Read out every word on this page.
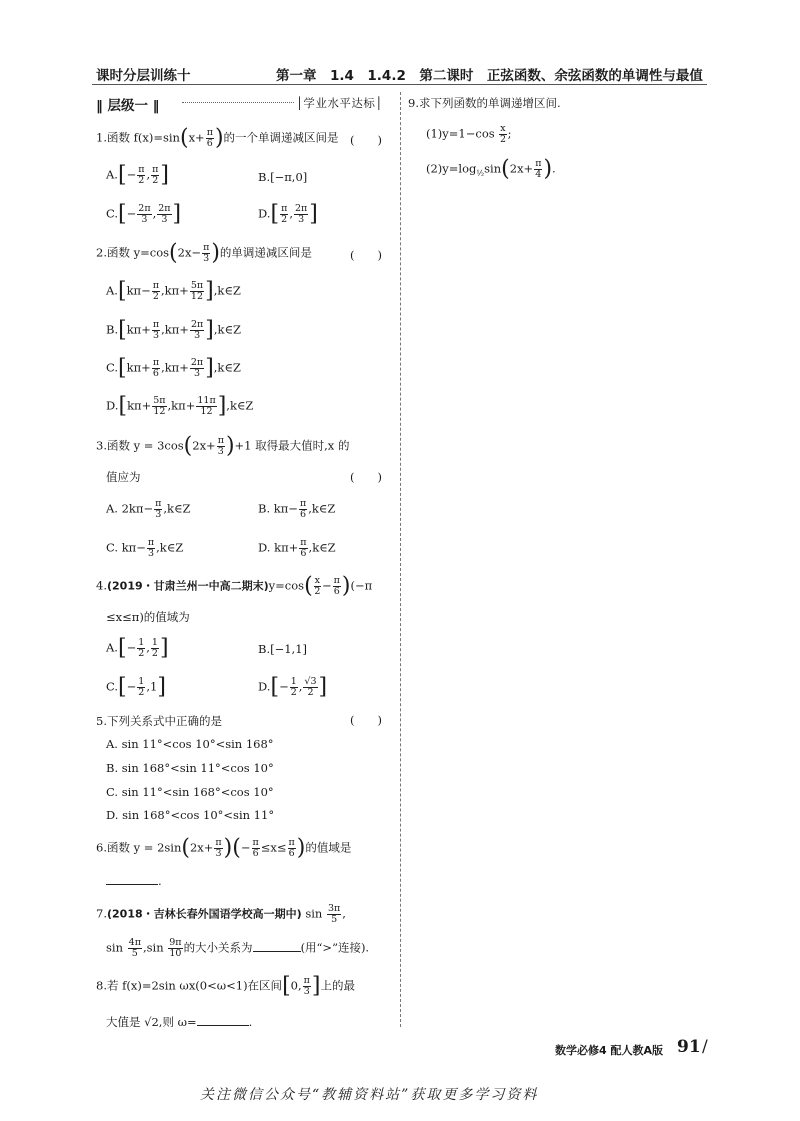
课时分层训练十	第一章　1.4　1.4.2　第二课时　正弦函数、余弦函数的单调性与最值
‖ 层级一 ‖	│学业水平达标│
1.函数 $f(x)=\sin(x+ \frac{\pi}{6}$ )的一个单调递减区间是 (　　)
$A.[- \frac{\pi}{2}$ , $\frac{\pi}{2}$ ]	B.[−π,0]
$C.[- \frac{2\pi}{3}$ , $\frac{2\pi}{3}$ ]	$D.[ \frac{\pi}{2}$ , $\frac{2\pi}{3}$ ]
2.函数 $y=\cos(2x- \frac{\pi}{3}$ )的单调递减区间是	(　　)
$A.[k\pi- \frac{\pi}{2} ,k\pi+ \frac{5\pi}{12}$ ],k∈Z
$B.[k\pi+ \frac{\pi}{3} ,k\pi+ \frac{2\pi}{3}$ ],k∈Z
$C.[k\pi+ \frac{\pi}{6} ,k\pi+ \frac{2\pi}{3}$ ],k∈Z
$D.[k\pi+ \frac{5\pi}{12} ,k\pi+ \frac{11\pi}{12}$ ],k∈Z
3.函数 $y = 3\cos(2x+ \frac{\pi}{3} )+1$ 取得最大值时,x 的
值应为	(　　)
A. $2k\pi- \frac{\pi}{3}$ ,k∈Z	B. $k\pi- \frac{\pi}{6}$ ,k∈Z
C. $k\pi- \frac{\pi}{3}$ ,k∈Z	D. $k\pi+ \frac{\pi}{6}$ ,k∈Z
4.(2019・甘肃兰州一中高二期末)$y=\cos( \frac{x}{2} - \frac{\pi}{6} )(-\pi$
≤x≤π)的值域为
$A.[- \frac{1}{2}$ , $\frac{1}{2}$ ]	B.[−1,1]
$C.[- \frac{1}{2} ,1]$	$D.[- \frac{1}{2}$ , $\frac{√3}{2}$ ]
5.下列关系式中正确的是	(　　)
A. sin 11°<cos 10°<sin 168°
B. sin 168°<sin 11°<cos 10°
C. sin 11°<sin 168°<cos 10°
D. sin 168°<cos 10°<sin 11°
6.函数 $y = 2\sin(2x+ \frac{\pi}{3}$ )(− $\frac{\pi}{6} \le x\le \frac{\pi}{6}$ )的值域是
.
7.(2018・吉林长春外国语学校高一期中) $\sin \frac{3\pi}{5}$ ,
$\sin \frac{4\pi}{5} ,\sin \frac{9\pi}{10}$ 的大小关系为	(用“>”连接).
8.若 f(x)=2sin ωx(0<ω<1)在区间[0, $\frac{\pi}{3}$ ]上的最
大值是 √2,则 ω=	.
9.求下列函数的单调递增区间.
$(1)y=1-\cos \frac{x}{2}$ ;
$(2)y=\log_{\frac{1}{2}}\sin(2x+ \frac{\pi}{4}$ ).
数学必修4 配人教A版 91 /
关注微信公众号“教辅资料站”获取更多学习资料
